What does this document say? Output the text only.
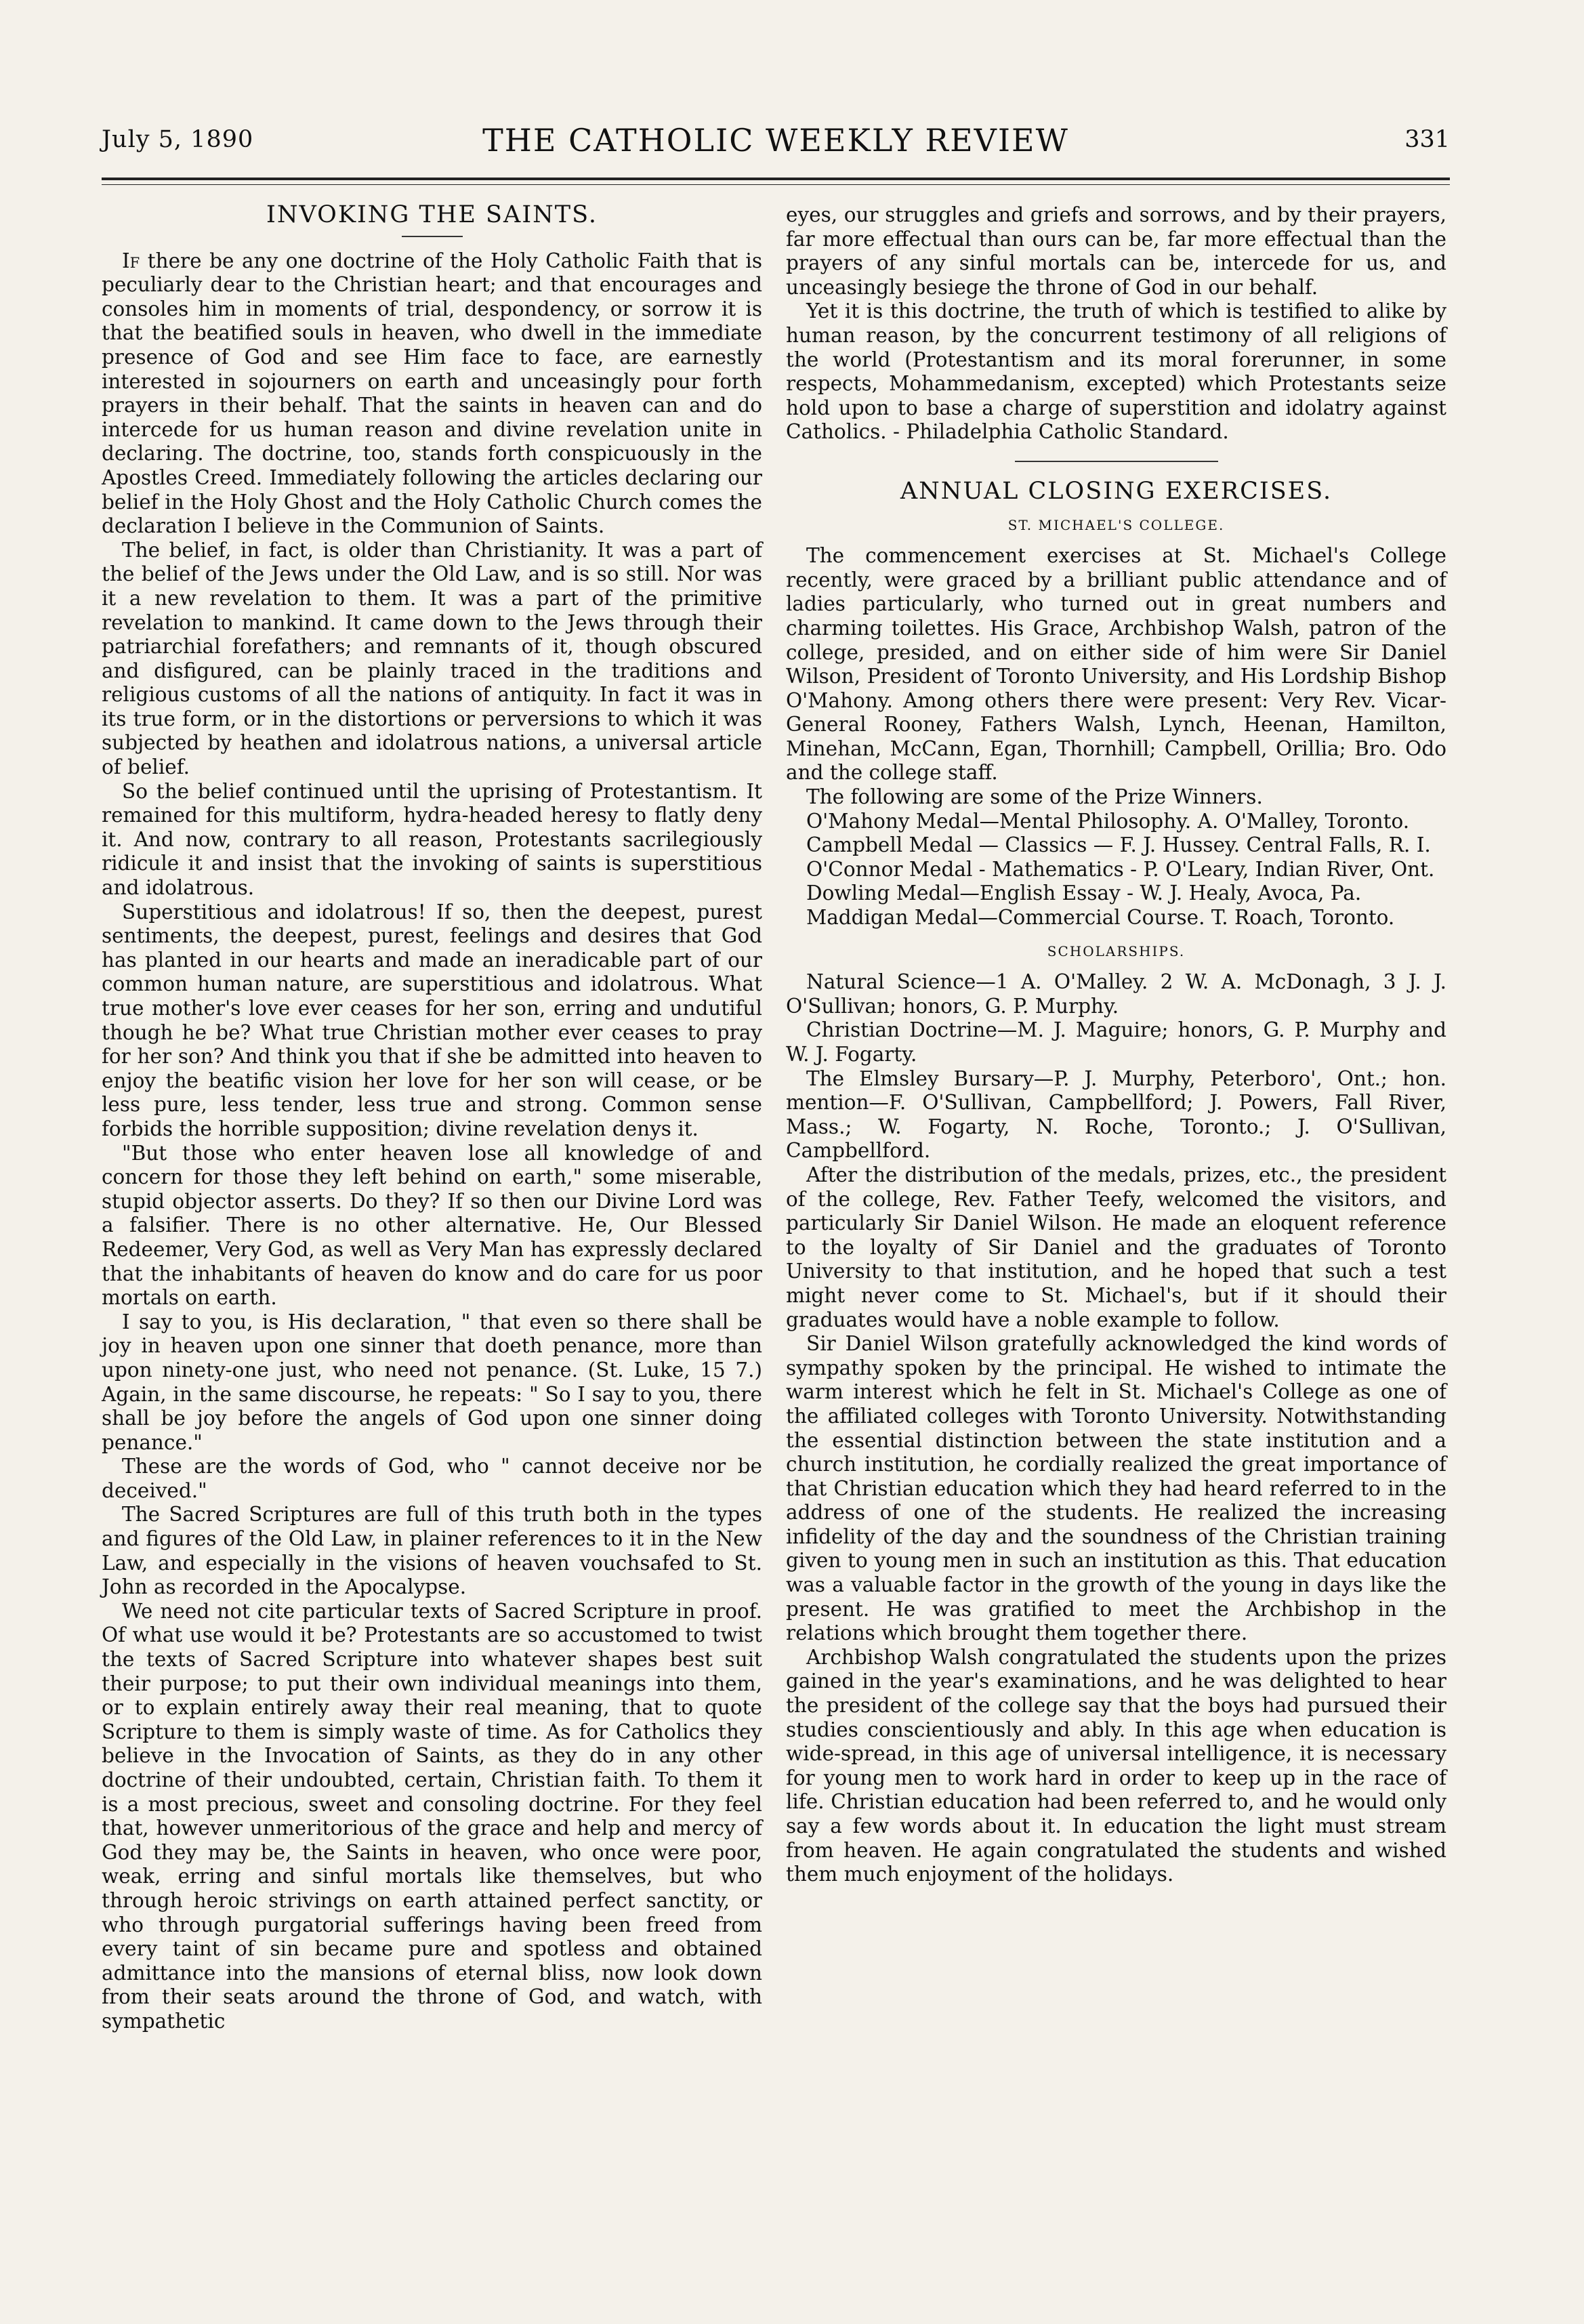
July 5, 1890	THE CATHOLIC WEEKLY REVIEW	331
INVOKING THE SAINTS.

If there be any one doctrine of the Holy Catholic Faith that is peculiarly dear to the Christian heart; and that encourages and consoles him in moments of trial, despondency, or sorrow it is that the beatified souls in heaven, who dwell in the immediate presence of God and see Him face to face, are earnestly interested in sojourners on earth and unceasingly pour forth prayers in their behalf. That the saints in heaven can and do intercede for us human reason and divine revelation unite in declaring. The doctrine, too, stands forth conspicuously in the Apostles Creed. Immediately following the articles declaring our belief in the Holy Ghost and the Holy Catholic Church comes the declaration I believe in the Communion of Saints.

The belief, in fact, is older than Christianity. It was a part of the belief of the Jews under the Old Law, and is so still. Nor was it a new revelation to them. It was a part of the primitive revelation to mankind. It came down to the Jews through their patriarchial forefathers; and remnants of it, though obscured and disfigured, can be plainly traced in the traditions and religious customs of all the nations of antiquity. In fact it was in its true form, or in the distortions or perversions to which it was subjected by heathen and idolatrous nations, a universal article of belief.

So the belief continued until the uprising of Protestantism. It remained for this multiform, hydra-headed heresy to flatly deny it. And now, contrary to all reason, Protestants sacrilegiously ridicule it and insist that the invoking of saints is superstitious and idolatrous.

Superstitious and idolatrous! If so, then the deepest, purest sentiments, the deepest, purest, feelings and desires that God has planted in our hearts and made an ineradicable part of our common human nature, are superstitious and idolatrous. What true mother's love ever ceases for her son, erring and undutiful though he be? What true Christian mother ever ceases to pray for her son? And think you that if she be admitted into heaven to enjoy the beatific vision her love for her son will cease, or be less pure, less tender, less true and strong. Common sense forbids the horrible supposition; divine revelation denys it.

"But those who enter heaven lose all knowledge of and concern for those they left behind on earth," some miserable, stupid objector asserts. Do they? If so then our Divine Lord was a falsifier. There is no other alternative. He, Our Blessed Redeemer, Very God, as well as Very Man has expressly declared that the inhabitants of heaven do know and do care for us poor mortals on earth.

I say to you, is His declaration, " that even so there shall be joy in heaven upon one sinner that doeth penance, more than upon ninety-one just, who need not penance. (St. Luke, 15 7.) Again, in the same discourse, he repeats: " So I say to you, there shall be joy before the angels of God upon one sinner doing penance."

These are the words of God, who " cannot deceive nor be deceived."

The Sacred Scriptures are full of this truth both in the types and figures of the Old Law, in plainer references to it in the New Law, and especially in the visions of heaven vouchsafed to St. John as recorded in the Apocalypse.

We need not cite particular texts of Sacred Scripture in proof. Of what use would it be? Protestants are so accustomed to twist the texts of Sacred Scripture into whatever shapes best suit their purpose; to put their own individual meanings into them, or to explain entirely away their real meaning, that to quote Scripture to them is simply waste of time. As for Catholics they believe in the Invocation of Saints, as they do in any other doctrine of their undoubted, certain, Christian faith. To them it is a most precious, sweet and consoling doctrine. For they feel that, however unmeritorious of the grace and help and mercy of God they may be, the Saints in heaven, who once were poor, weak, erring and sinful mortals like themselves, but who through heroic strivings on earth attained perfect sanctity, or who through purgatorial sufferings having been freed from every taint of sin became pure and spotless and obtained admittance into the mansions of eternal bliss, now look down from their seats around the throne of God, and watch, with sympathetic

eyes, our struggles and griefs and sorrows, and by their prayers, far more effectual than ours can be, far more effectual than the prayers of any sinful mortals can be, intercede for us, and unceasingly besiege the throne of God in our behalf.

Yet it is this doctrine, the truth of which is testified to alike by human reason, by the concurrent testimony of all religions of the world (Protestantism and its moral forerunner, in some respects, Mohammedanism, excepted) which Protestants seize hold upon to base a charge of superstition and idolatry against Catholics. - Philadelphia Catholic Standard.

ANNUAL CLOSING EXERCISES.
ST. MICHAEL'S COLLEGE.

The commencement exercises at St. Michael's College recently, were graced by a brilliant public attendance and of ladies particularly, who turned out in great numbers and charming toilettes. His Grace, Archbishop Walsh, patron of the college, presided, and on either side of him were Sir Daniel Wilson, President of Toronto University, and His Lordship Bishop O'Mahony. Among others there were present: Very Rev. Vicar-General Rooney, Fathers Walsh, Lynch, Heenan, Hamilton, Minehan, McCann, Egan, Thornhill; Campbell, Orillia; Bro. Odo and the college staff.

The following are some of the Prize Winners.

O'Mahony Medal—Mental Philosophy. A. O'Malley, Toronto.

Campbell Medal — Classics — F. J. Hussey. Central Falls, R. I.

O'Connor Medal - Mathematics - P. O'Leary, Indian River, Ont.

Dowling Medal—English Essay - W. J. Healy, Avoca, Pa.

Maddigan Medal—Commercial Course. T. Roach, Toronto.

SCHOLARSHIPS.

Natural Science—1 A. O'Malley. 2 W. A. McDonagh, 3 J. J. O'Sullivan; honors, G. P. Murphy.

Christian Doctrine—M. J. Maguire; honors, G. P. Murphy and W. J. Fogarty.

The Elmsley Bursary—P. J. Murphy, Peterboro', Ont.; hon. mention—F. O'Sullivan, Campbellford; J. Powers, Fall River, Mass.; W. Fogarty, N. Roche, Toronto.; J. O'Sullivan, Campbellford.

After the distribution of the medals, prizes, etc., the president of the college, Rev. Father Teefy, welcomed the visitors, and particularly Sir Daniel Wilson. He made an eloquent reference to the loyalty of Sir Daniel and the graduates of Toronto University to that institution, and he hoped that such a test might never come to St. Michael's, but if it should their graduates would have a noble example to follow.

Sir Daniel Wilson gratefully acknowledged the kind words of sympathy spoken by the principal. He wished to intimate the warm interest which he felt in St. Michael's College as one of the affiliated colleges with Toronto University. Notwithstanding the essential distinction between the state institution and a church institution, he cordially realized the great importance of that Christian education which they had heard referred to in the address of one of the students. He realized the increasing infidelity of the day and the soundness of the Christian training given to young men in such an institution as this. That education was a valuable factor in the growth of the young in days like the present. He was gratified to meet the Archbishop in the relations which brought them together there.

Archbishop Walsh congratulated the students upon the prizes gained in the year's examinations, and he was delighted to hear the president of the college say that the boys had pursued their studies conscientiously and ably. In this age when education is wide-spread, in this age of universal intelligence, it is necessary for young men to work hard in order to keep up in the race of life. Christian education had been referred to, and he would only say a few words about it. In education the light must stream from heaven. He again congratulated the students and wished them much enjoyment of the holidays.
